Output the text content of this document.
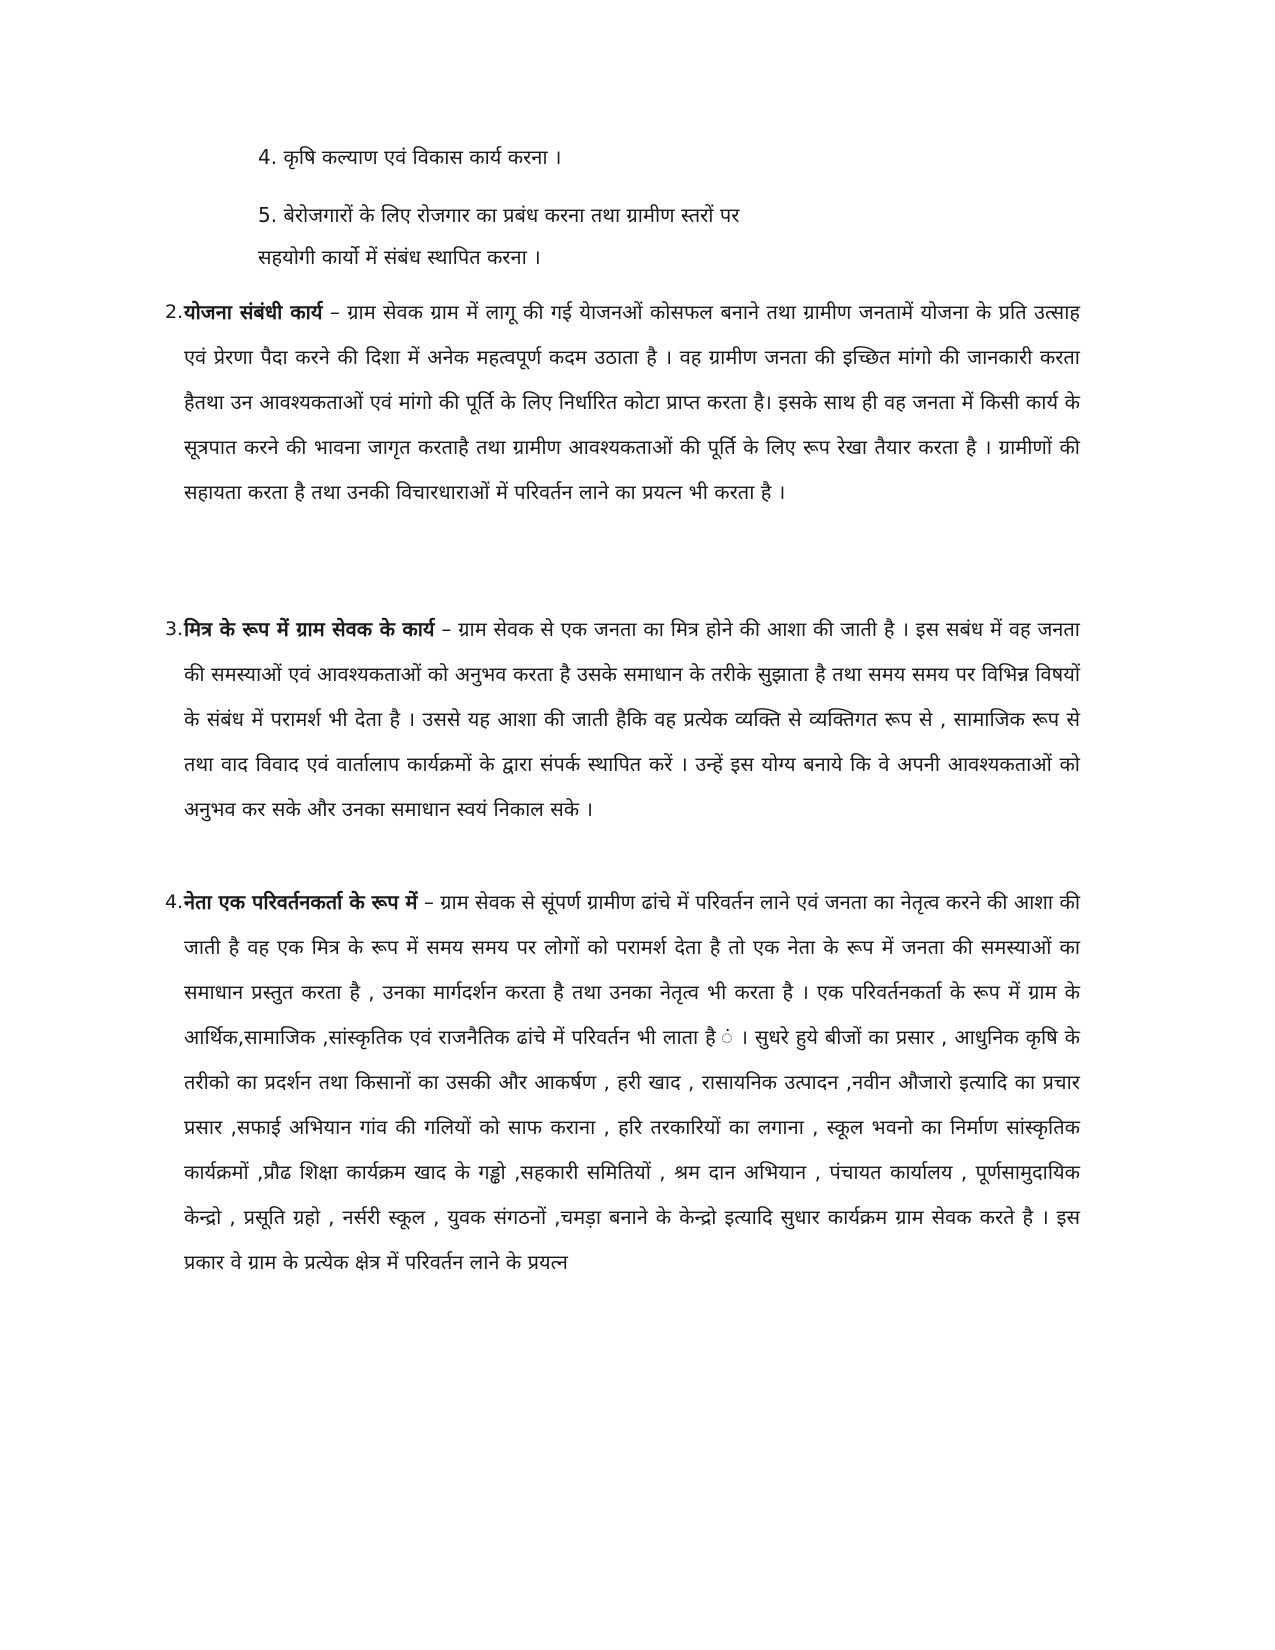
4. कृषि कल्याण एवं विकास कार्य करना ।
5. बेरोजगारों के लिए रोजगार का प्रबंध करना तथा ग्रामीण स्तरों पर
सहयोगी कार्यो में संबंध स्थापित करना ।
2. योजना संबंधी कार्य – ग्राम सेवक ग्राम में लागू की गई येाजनओं कोसफल बनाने तथा ग्रामीण जनतामें योजना के प्रति उत्साह एवं प्रेरणा पैदा करने की दिशा में अनेक महत्वपूर्ण कदम उठाता है । वह ग्रामीण जनता की इच्छित मांगो की जानकारी करता हैतथा उन आवश्यकताओं एवं मांगो की पूर्ति के लिए निर्धारित कोटा प्राप्त करता है। इसके साथ ही वह जनता में किसी कार्य के सूत्रपात करने की भावना जागृत करताहै तथा ग्रामीण आवश्यकताओं की पूर्ति के लिए रूप रेखा तैयार करता है । ग्रामीणों की सहायता करता है तथा उनकी विचारधाराओं में परिवर्तन लाने का प्रयत्न भी करता है ।
3. मित्र के रूप में ग्राम सेवक के कार्य – ग्राम सेवक से एक जनता का मित्र होने की आशा की जाती है । इस सबंध में वह जनता की समस्याओं एवं आवश्यकताओं को अनुभव करता है उसके समाधान के तरीके सुझाता है तथा समय समय पर विभिन्न विषयों के संबंध में परामर्श भी देता है । उससे यह आशा की जाती हैकि वह प्रत्येक व्यक्ति से व्यक्तिगत रूप से , सामाजिक रूप से तथा वाद विवाद एवं वार्तालाप कार्यक्रमों के द्वारा संपर्क स्थापित करें । उन्हें इस योग्य बनाये कि वे अपनी आवश्यकताओं को अनुभव कर सके और उनका समाधान स्वयं निकाल सके ।
4. नेता एक परिवर्तनकर्ता के रूप में – ग्राम सेवक से सूंपर्ण ग्रामीण ढांचे में परिवर्तन लाने एवं जनता का नेतृत्व करने की आशा की जाती है वह एक मित्र के रूप में समय समय पर लोगों को परामर्श देता है तो एक नेता के रूप में जनता की समस्याओं का समाधान प्रस्तुत करता है , उनका मार्गदर्शन करता है तथा उनका नेतृत्व भी करता है । एक परिवर्तनकर्ता के रूप में ग्राम के आर्थिक,सामाजिक ,सांस्कृतिक एवं राजनैतिक ढांचे में परिवर्तन भी लाता है ं । सुधरे हुये बीजों का प्रसार , आधुनिक कृषि के तरीको का प्रदर्शन तथा किसानों का उसकी और आकर्षण , हरी खाद , रासायनिक उत्पादन ,नवीन औजारो इत्यादि का प्रचार प्रसार ,सफाई अभियान गांव की गलियों को साफ कराना , हरि तरकारियों का लगाना , स्कूल भवनो का निर्माण सांस्कृतिक कार्यक्रमों ,प्रौढ शिक्षा कार्यक्रम खाद के गड्ढो ,सहकारी समितियों , श्रम दान अभियान , पंचायत कार्यालय , पूर्णसामुदायिक केन्द्रो , प्रसूति ग्रहो , नर्सरी स्कूल , युवक संगठनों ,चमड़ा बनाने के केन्द्रो इत्यादि सुधार कार्यक्रम ग्राम सेवक करते है । इस प्रकार वे ग्राम के प्रत्येक क्षेत्र में परिवर्तन लाने के प्रयत्न
